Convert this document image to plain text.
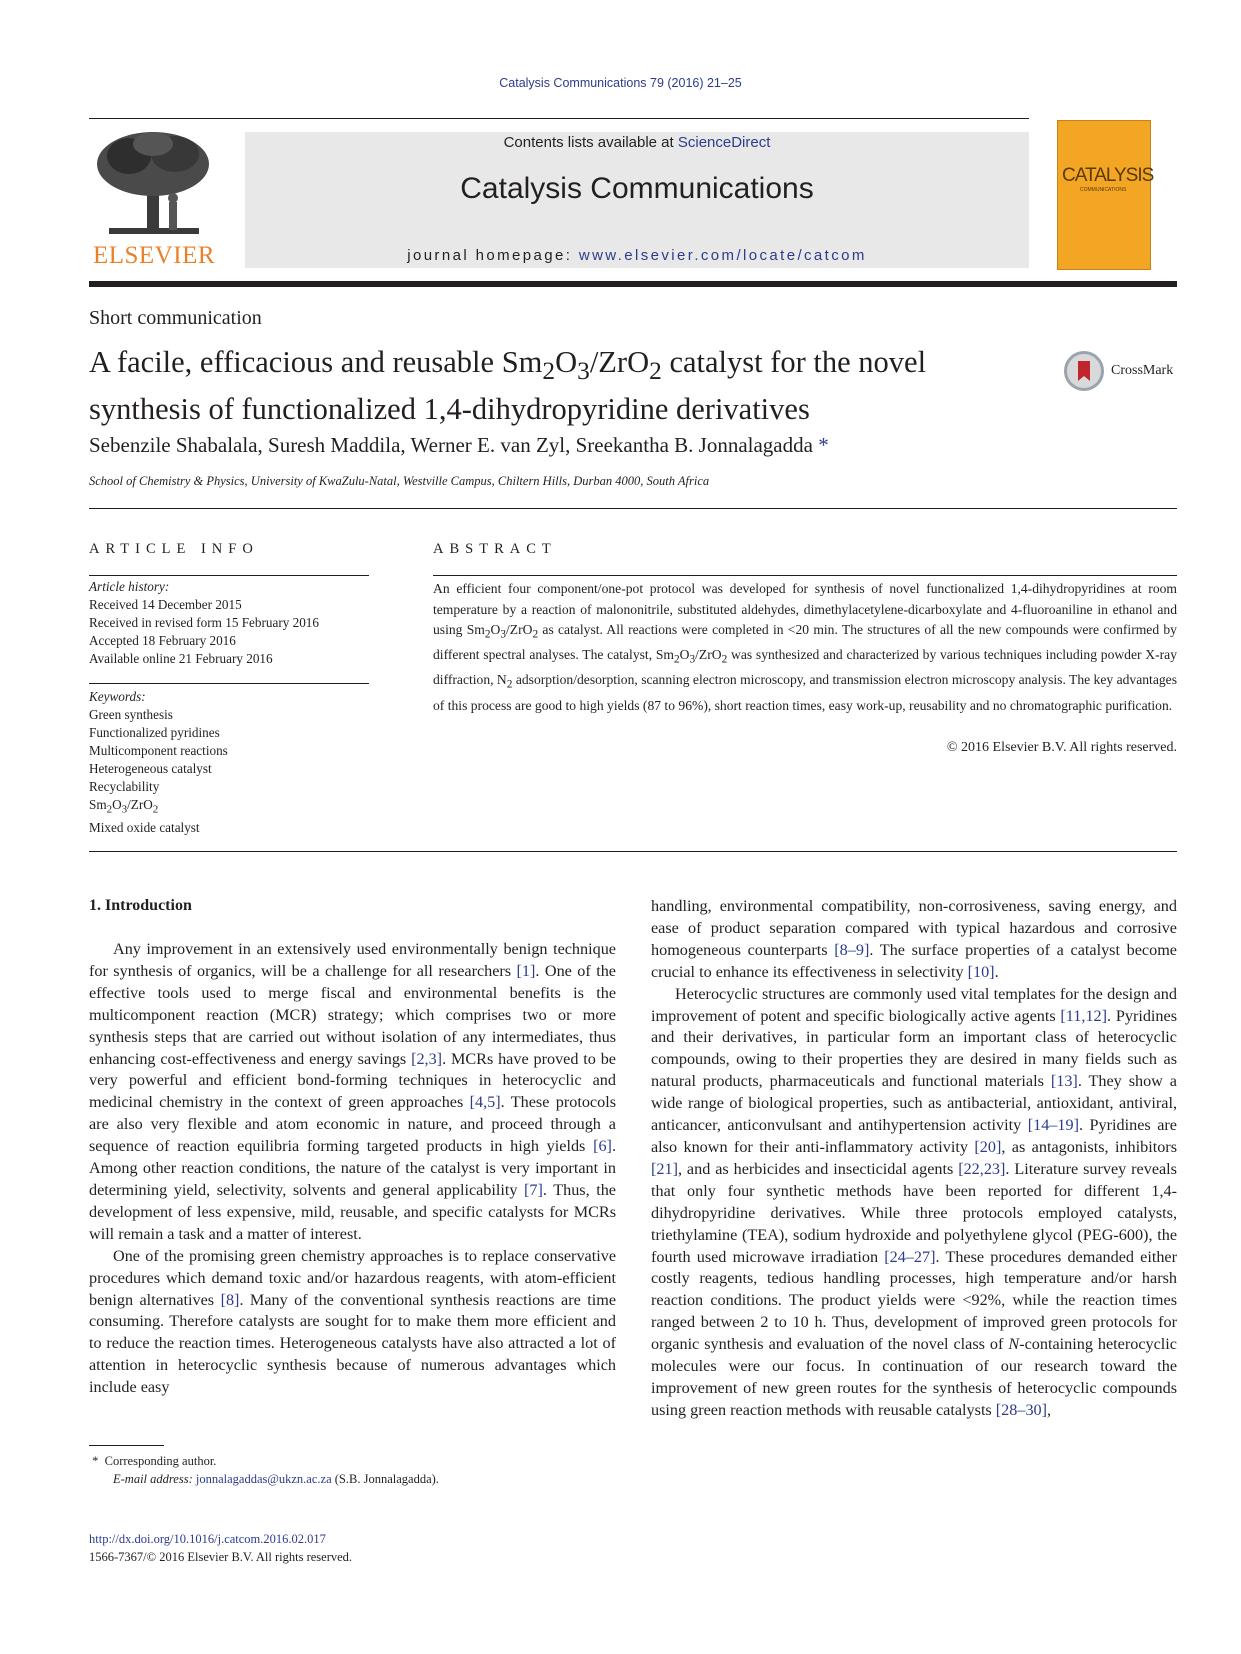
Catalysis Communications 79 (2016) 21–25
ELSEVIER
Contents lists available at ScienceDirect
Catalysis Communications
journal homepage: www.elsevier.com/locate/catcom
CATALYSIS
COMMUNICATIONS
Short communication
A facile, efficacious and reusable $Sm_2O_3/ZrO_2$ catalyst for the novel
synthesis of functionalized 1,4-dihydropyridine derivatives
CrossMark
Sebenzile Shabalala, Suresh Maddila, Werner E. van Zyl, Sreekantha B. Jonnalagadda *
School of Chemistry & Physics, University of KwaZulu-Natal, Westville Campus, Chiltern Hills, Durban 4000, South Africa
ARTICLE INFO	ABSTRACT
Article history:
Received 14 December 2015
Received in revised form 15 February 2016
Accepted 18 February 2016
Available online 21 February 2016
Keywords:
Green synthesis
Functionalized pyridines
Multicomponent reactions
Heterogeneous catalyst
Recyclability
$Sm_2O_3/ZrO_2$
Mixed oxide catalyst
An efficient four component/one-pot protocol was developed for synthesis of novel functionalized 1,4-dihydropyridines at room temperature by a reaction of malononitrile, substituted aldehydes, dimethylacetylene-dicarboxylate and 4-fluoroaniline in ethanol and using $Sm_2O_3/ZrO_2$ as catalyst. All reactions were completed in <20 min. The structures of all the new compounds were confirmed by different spectral analyses. The catalyst, $Sm_2O_3/ZrO_2$ was synthesized and characterized by various techniques including powder X-ray diffraction, $N_2$ adsorption/desorption, scanning electron microscopy, and transmission electron microscopy analysis. The key advantages of this process are good to high yields (87 to 96%), short reaction times, easy work-up, reusability and no chromatographic purification.
© 2016 Elsevier B.V. All rights reserved.
1. Introduction

Any improvement in an extensively used environmentally benign technique for synthesis of organics, will be a challenge for all researchers [1]. One of the effective tools used to merge fiscal and environmental benefits is the multicomponent reaction (MCR) strategy; which comprises two or more synthesis steps that are carried out without isolation of any intermediates, thus enhancing cost-effectiveness and energy savings [2,3]. MCRs have proved to be very powerful and efficient bond-forming techniques in heterocyclic and medicinal chemistry in the context of green approaches [4,5]. These protocols are also very flexible and atom economic in nature, and proceed through a sequence of reaction equilibria forming targeted products in high yields [6]. Among other reaction conditions, the nature of the catalyst is very important in determining yield, selectivity, solvents and general applicability [7]. Thus, the development of less expensive, mild, reusable, and specific catalysts for MCRs will remain a task and a matter of interest.

One of the promising green chemistry approaches is to replace conservative procedures which demand toxic and/or hazardous reagents, with atom-efficient benign alternatives [8]. Many of the conventional synthesis reactions are time consuming. Therefore catalysts are sought for to make them more efficient and to reduce the reaction times. Heterogeneous catalysts have also attracted a lot of attention in heterocyclic synthesis because of numerous advantages which include easy

handling, environmental compatibility, non-corrosiveness, saving energy, and ease of product separation compared with typical hazardous and corrosive homogeneous counterparts [8–9]. The surface properties of a catalyst become crucial to enhance its effectiveness in selectivity [10].

Heterocyclic structures are commonly used vital templates for the design and improvement of potent and specific biologically active agents [11,12]. Pyridines and their derivatives, in particular form an important class of heterocyclic compounds, owing to their properties they are desired in many fields such as natural products, pharmaceuticals and functional materials [13]. They show a wide range of biological properties, such as antibacterial, antioxidant, antiviral, anticancer, anticonvulsant and antihypertension activity [14–19]. Pyridines are also known for their anti-inflammatory activity [20], as antagonists, inhibitors [21], and as herbicides and insecticidal agents [22,23]. Literature survey reveals that only four synthetic methods have been reported for different 1,4-dihydropyridine derivatives. While three protocols employed catalysts, triethylamine (TEA), sodium hydroxide and polyethylene glycol (PEG-600), the fourth used microwave irradiation [24–27]. These procedures demanded either costly reagents, tedious handling processes, high temperature and/or harsh reaction conditions. The product yields were <92%, while the reaction times ranged between 2 to 10 h. Thus, development of improved green protocols for organic synthesis and evaluation of the novel class of N-containing heterocyclic molecules were our focus. In continuation of our research toward the improvement of new green routes for the synthesis of heterocyclic compounds using green reaction methods with reusable catalysts [28–30],

* Corresponding author.
E-mail address: jonnalagaddas@ukzn.ac.za (S.B. Jonnalagadda).
http://dx.doi.org/10.1016/j.catcom.2016.02.017
1566-7367/© 2016 Elsevier B.V. All rights reserved.
